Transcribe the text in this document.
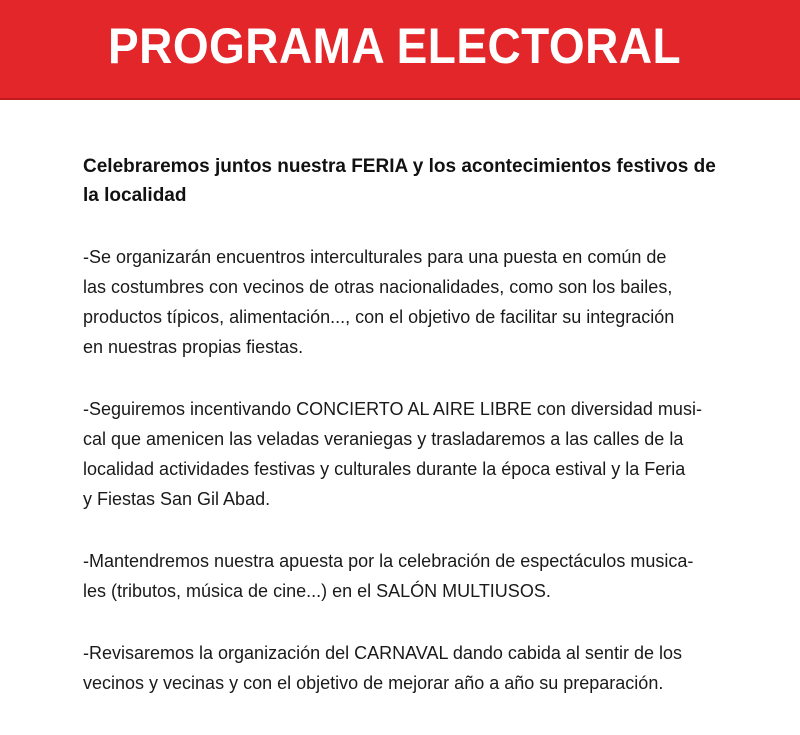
PROGRAMA ELECTORAL
Celebraremos juntos nuestra FERIA y los acontecimientos festivos de
la localidad

-Se organizarán encuentros interculturales para una puesta en común de
las costumbres con vecinos de otras nacionalidades, como son los bailes,
productos típicos, alimentación..., con el objetivo de facilitar su integración
en nuestras propias fiestas.

-Seguiremos incentivando CONCIERTO AL AIRE LIBRE con diversidad musi-
cal que amenicen las veladas veraniegas y trasladaremos a las calles de la
localidad actividades festivas y culturales durante la época estival y la Feria
y Fiestas San Gil Abad.

-Mantendremos nuestra apuesta por la celebración de espectáculos musica-
les (tributos, música de cine...) en el SALÓN MULTIUSOS.

-Revisaremos la organización del CARNAVAL dando cabida al sentir de los
vecinos y vecinas y con el objetivo de mejorar año a año su preparación.
